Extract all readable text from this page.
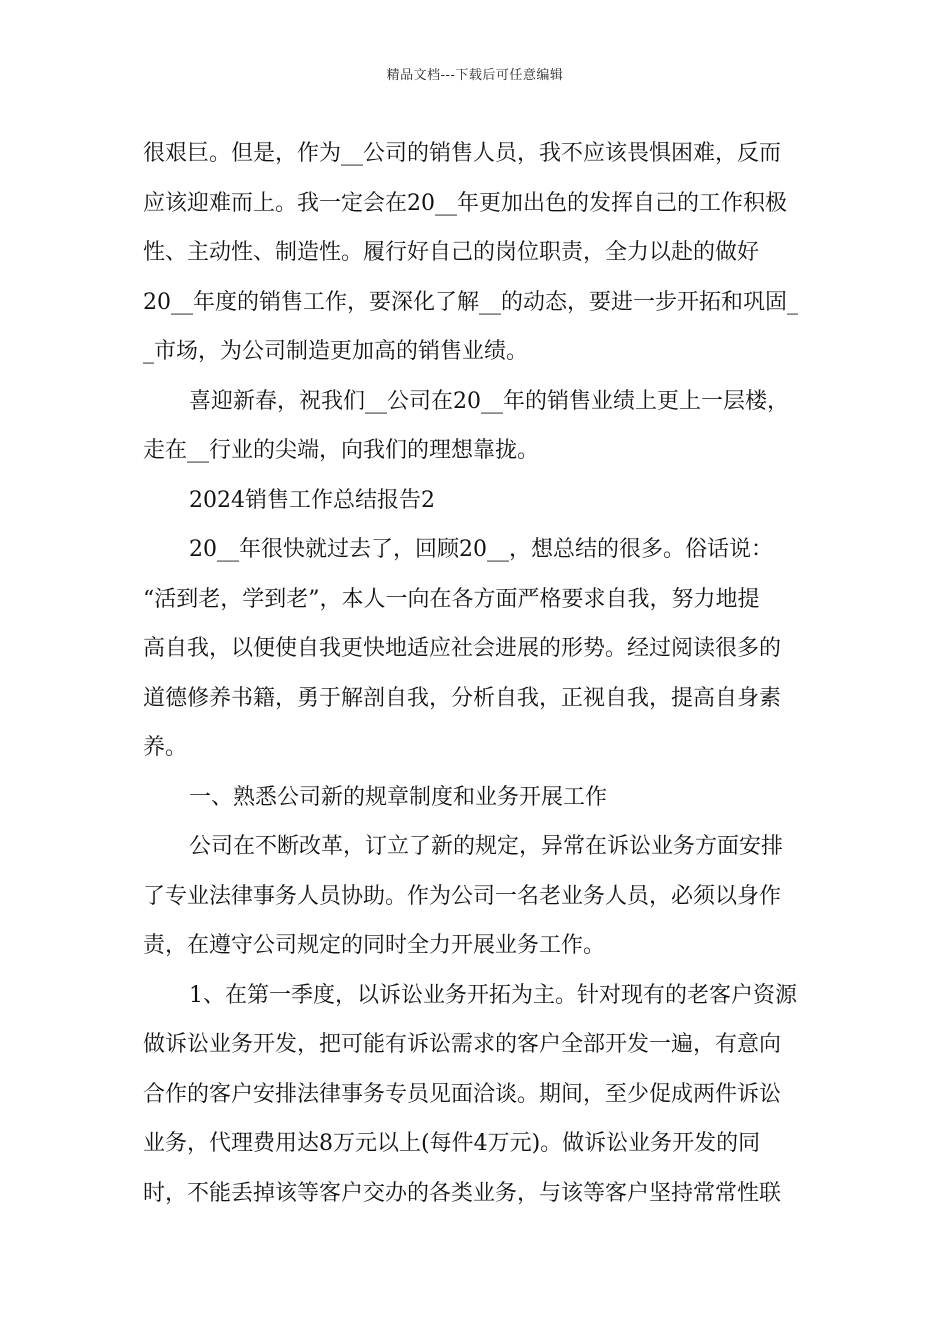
精品文档---下载后可任意编辑
很艰巨。但是，作为__公司的销售人员，我不应该畏惧困难，反而
应该迎难而上。我一定会在20__年更加出色的发挥自己的工作积极
性、主动性、制造性。履行好自己的岗位职责，全力以赴的做好
20__年度的销售工作，要深化了解__的动态，要进一步开拓和巩固_
_市场，为公司制造更加高的销售业绩。
喜迎新春，祝我们__公司在20__年的销售业绩上更上一层楼，
走在__行业的尖端，向我们的理想靠拢。
2024销售工作总结报告2
20__年很快就过去了，回顾20__，想总结的很多。俗话说：
“活到老，学到老”，本人一向在各方面严格要求自我，努力地提
高自我，以便使自我更快地适应社会进展的形势。经过阅读很多的
道德修养书籍，勇于解剖自我，分析自我，正视自我，提高自身素
养。
一、熟悉公司新的规章制度和业务开展工作
公司在不断改革，订立了新的规定，异常在诉讼业务方面安排
了专业法律事务人员协助。作为公司一名老业务人员，必须以身作
责，在遵守公司规定的同时全力开展业务工作。
1、在第一季度，以诉讼业务开拓为主。针对现有的老客户资源
做诉讼业务开发，把可能有诉讼需求的客户全部开发一遍，有意向
合作的客户安排法律事务专员见面洽谈。期间，至少促成两件诉讼
业务，代理费用达8万元以上(每件4万元)。做诉讼业务开发的同
时，不能丢掉该等客户交办的各类业务，与该等客户坚持常常性联
